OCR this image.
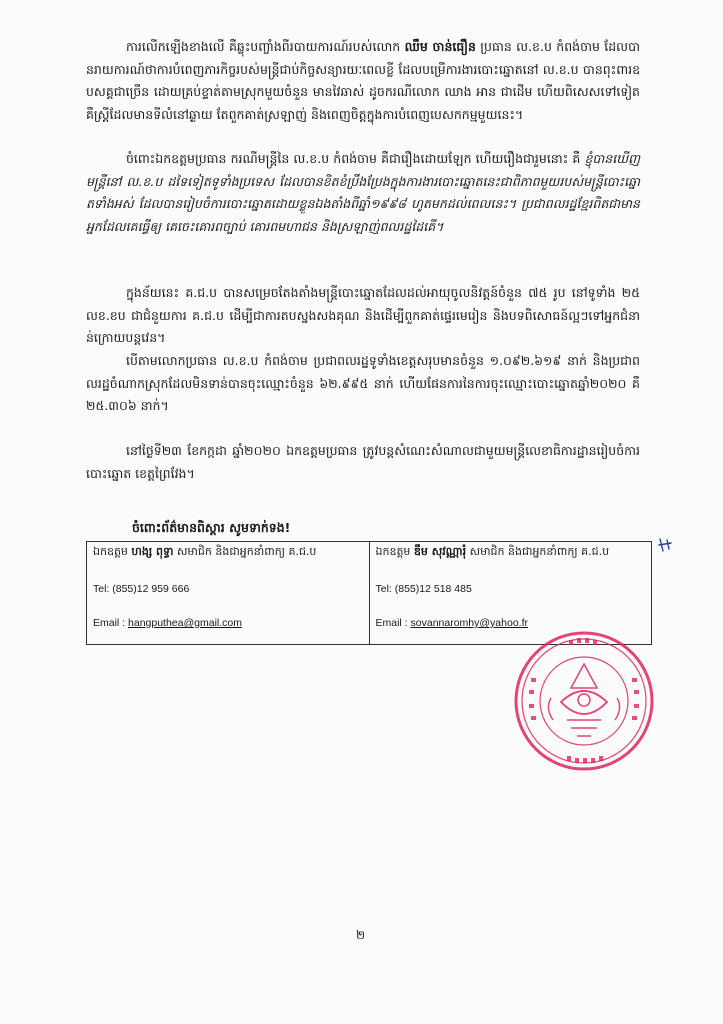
ការលើកឡើងខាងលើ គឺឆ្លុះបញ្ចាំងពីរបាយការណ៍របស់លោក ឈឹម ចាន់ធឿន ប្រធាន ល.ខ.ប កំពង់ចាម ដែលបានរាយការណ៍ថាការបំពេញភារកិច្ចរបស់មន្ត្រីជាប់កិច្ចសន្យារយៈពេលខ្លី ដែលបម្រើការងារបោះឆ្នោតនៅ ល.ខ.ប បានពុះពារឧបសគ្គជាច្រើន ដោយគ្រប់ខ្ទាត់តាមស្រុកមួយចំនួន មានវៃឆាស់ ដូចករណីលោក ឈាង អាន ជាដើម ហើយពិសេសទៅទៀត គឺស្ត្រីដែលមានទីលំនៅឆ្ងាយ តែពួកគាត់ស្រឡាញ់ និងពេញចិត្តក្នុងការបំពេញបេសកកម្មមួយនេះ។

ចំពោះឯកឧត្តមប្រធាន ករណីមន្ត្រីនៃ ល.ខ.ប កំពង់ចាម គឺជារឿងដោយឡែក ហើយរឿងជារួមនោះ គឺ ខ្ញុំបានឃើញមន្ត្រីនៅ ល.ខ.ប ដទៃទៀតទូទាំងប្រទេស ដែលបានខិតខំប្រឹងប្រែងក្នុងការងារបោះឆ្នោតនេះជាពិភាពមួយរបស់មន្ត្រីបោះឆ្នោតទាំងអស់ ដែលបានរៀបចំការបោះឆ្នោតដោយខ្លួនឯងតាំងពីឆ្នាំ១៩៩៨ ហូតមកដល់ពេលនេះ។ ប្រជាពលរដ្ឋខ្មែរពិតជាមានអ្នកដែលគេធ្វើឲ្យ គេចេះគោរពច្បាប់ គោរពមហាជន និងស្រឡាញ់ពលរដ្ឋដៃគើ។

ក្នុងន័យនេះ គ.ជ.ប បានសម្រេចតែងតាំងមន្ត្រីបោះឆ្នោតដែលដល់អាយុចូលនិវត្តន៍ចំនួន ៧៥ រូប នៅទូទាំង ២៥ លខ.ខប ជាជំនួយការ គ.ជ.ប ដើម្បីជាការតបស្នងសងគុណ និងដើម្បីពួកគាត់ផ្ទេរមេរៀន និងបទពិសោធន៍ល្អៗទៅអ្នកជំនាន់ក្រោយបន្តវេន។

បើតាមលោកប្រធាន ល.ខ.ប កំពង់ចាម ប្រជាពលរដ្ឋទូទាំងខេត្តសរុបមានចំនួន ១.០៩២.៦១៩ នាក់ និងប្រជាពលរដ្ឋចំណាកស្រុកដែលមិនទាន់បានចុះឈ្មោះចំនួន ៦២.៩៩៥ នាក់ ហើយផែនការនៃការចុះឈ្មោះបោះឆ្នោតឆ្នាំ២០២០ គឺ ២៥.៣០៦ នាក់។

នៅថ្ងៃទី២៣ ខែកក្កដា ឆ្នាំ២០២០ ឯកឧត្តមប្រធាន ត្រូវបន្តសំណេះសំណាលជាមួយមន្ត្រីលេខាធិការដ្ឋានរៀបចំការបោះឆ្នោត ខេត្តព្រៃវែង។

ចំពោះព័ត៌មានពិស្តារ សូមទាក់ទង!
ឯកឧត្តម ហង្ស ពុទ្ធា សមាជិក និងជាអ្នកនាំពាក្យ គ.ជ.ប
Tel: (855)12 959 666
Email : hangputhea@gmail.com	
ឯកឧត្តម ឌឹម សុវណ្ណារុំ សមាជិក និងជាអ្នកនាំពាក្យ គ.ជ.ប
Tel: (855)12 518 485
Email : sovannaromhy@yahoo.fr
២
